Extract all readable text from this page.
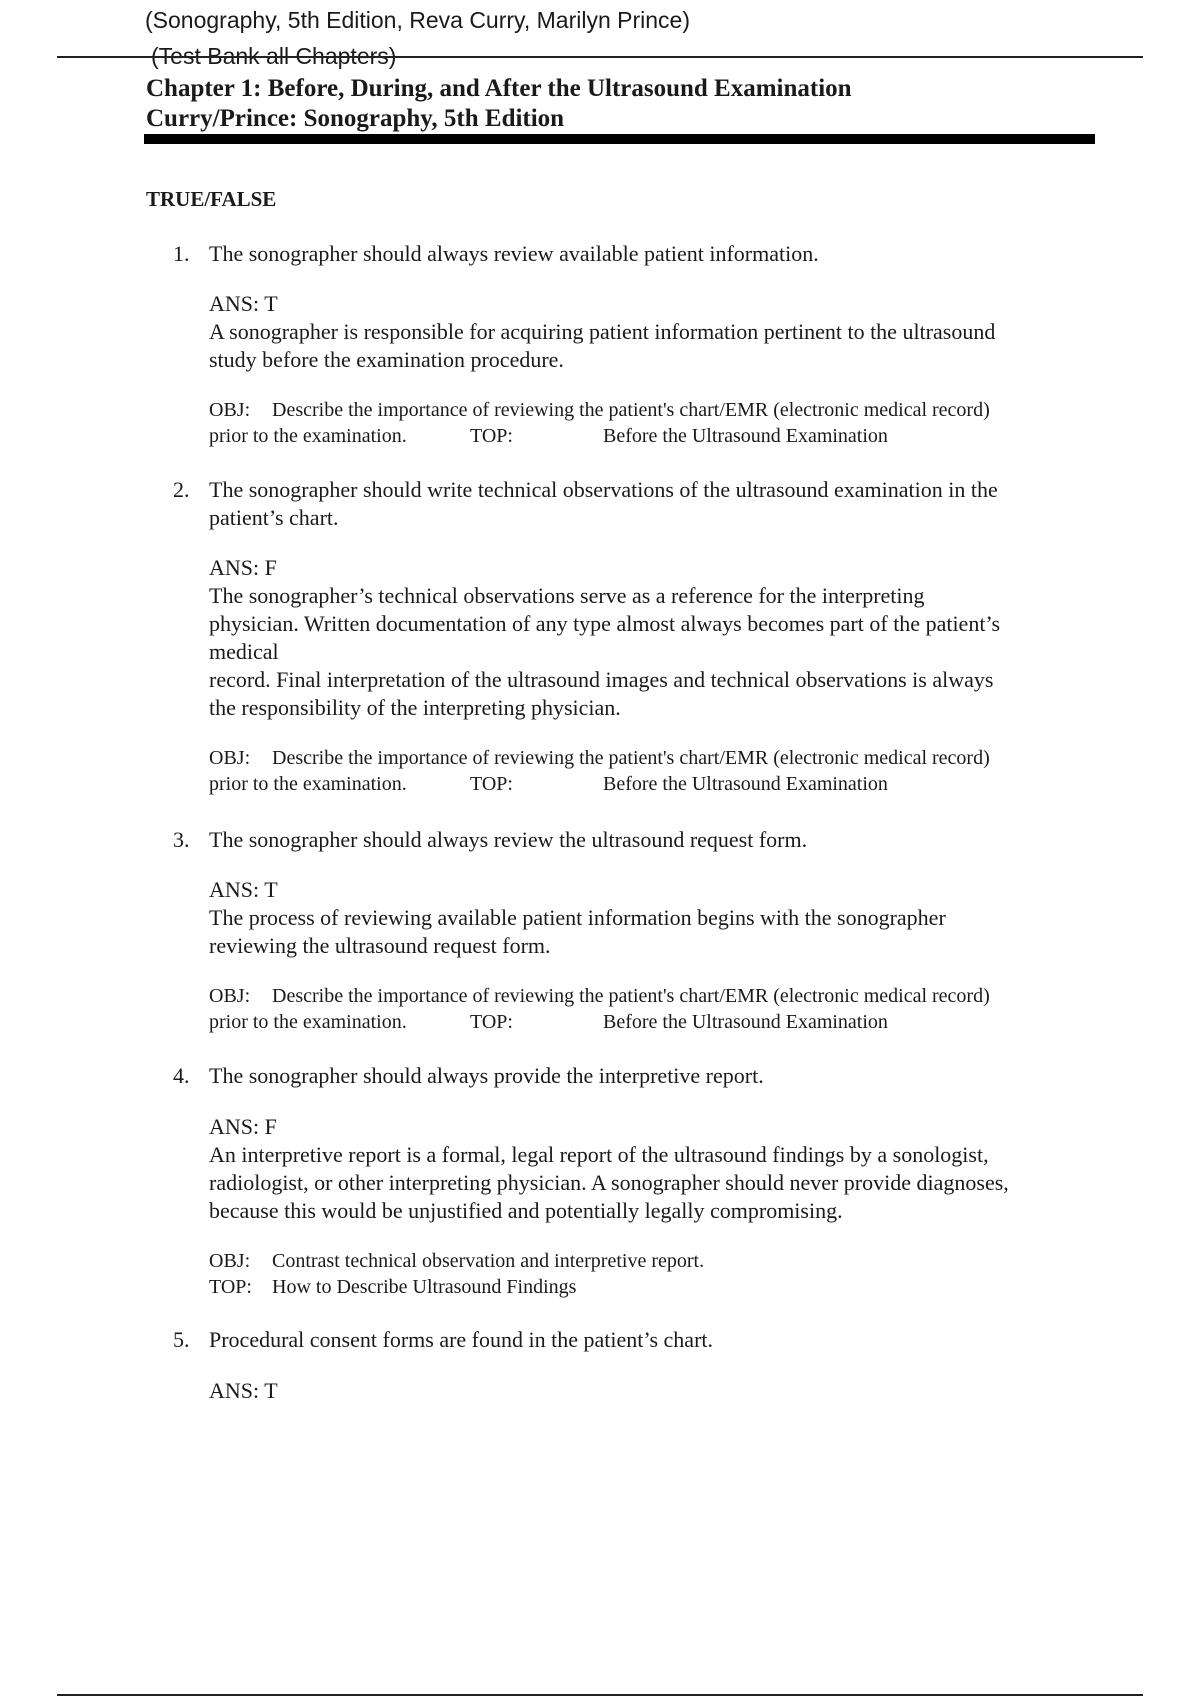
(Sonography, 5th Edition, Reva Curry, Marilyn Prince)
(Test Bank all Chapters)
Chapter 1: Before, During, and After the Ultrasound Examination
Curry/Prince: Sonography, 5th Edition
TRUE/FALSE
1. The sonographer should always review available patient information.
ANS: T
A sonographer is responsible for acquiring patient information pertinent to the ultrasound
study before the examination procedure.
OBJ: Describe the importance of reviewing the patient's chart/EMR (electronic medical record)
prior to the examination.	TOP:	Before the Ultrasound Examination
2. The sonographer should write technical observations of the ultrasound examination in the
patient’s chart.
ANS: F
The sonographer’s technical observations serve as a reference for the interpreting
physician. Written documentation of any type almost always becomes part of the patient’s
medical
record. Final interpretation of the ultrasound images and technical observations is always
the responsibility of the interpreting physician.
OBJ: Describe the importance of reviewing the patient's chart/EMR (electronic medical record)
prior to the examination.	TOP:	Before the Ultrasound Examination
3. The sonographer should always review the ultrasound request form.
ANS: T
The process of reviewing available patient information begins with the sonographer
reviewing the ultrasound request form.
OBJ: Describe the importance of reviewing the patient's chart/EMR (electronic medical record)
prior to the examination.	TOP:	Before the Ultrasound Examination
4. The sonographer should always provide the interpretive report.
ANS: F
An interpretive report is a formal, legal report of the ultrasound findings by a sonologist,
radiologist, or other interpreting physician. A sonographer should never provide diagnoses,
because this would be unjustified and potentially legally compromising.
OBJ: Contrast technical observation and interpretive report.
TOP: How to Describe Ultrasound Findings
5. Procedural consent forms are found in the patient’s chart.
ANS: T
